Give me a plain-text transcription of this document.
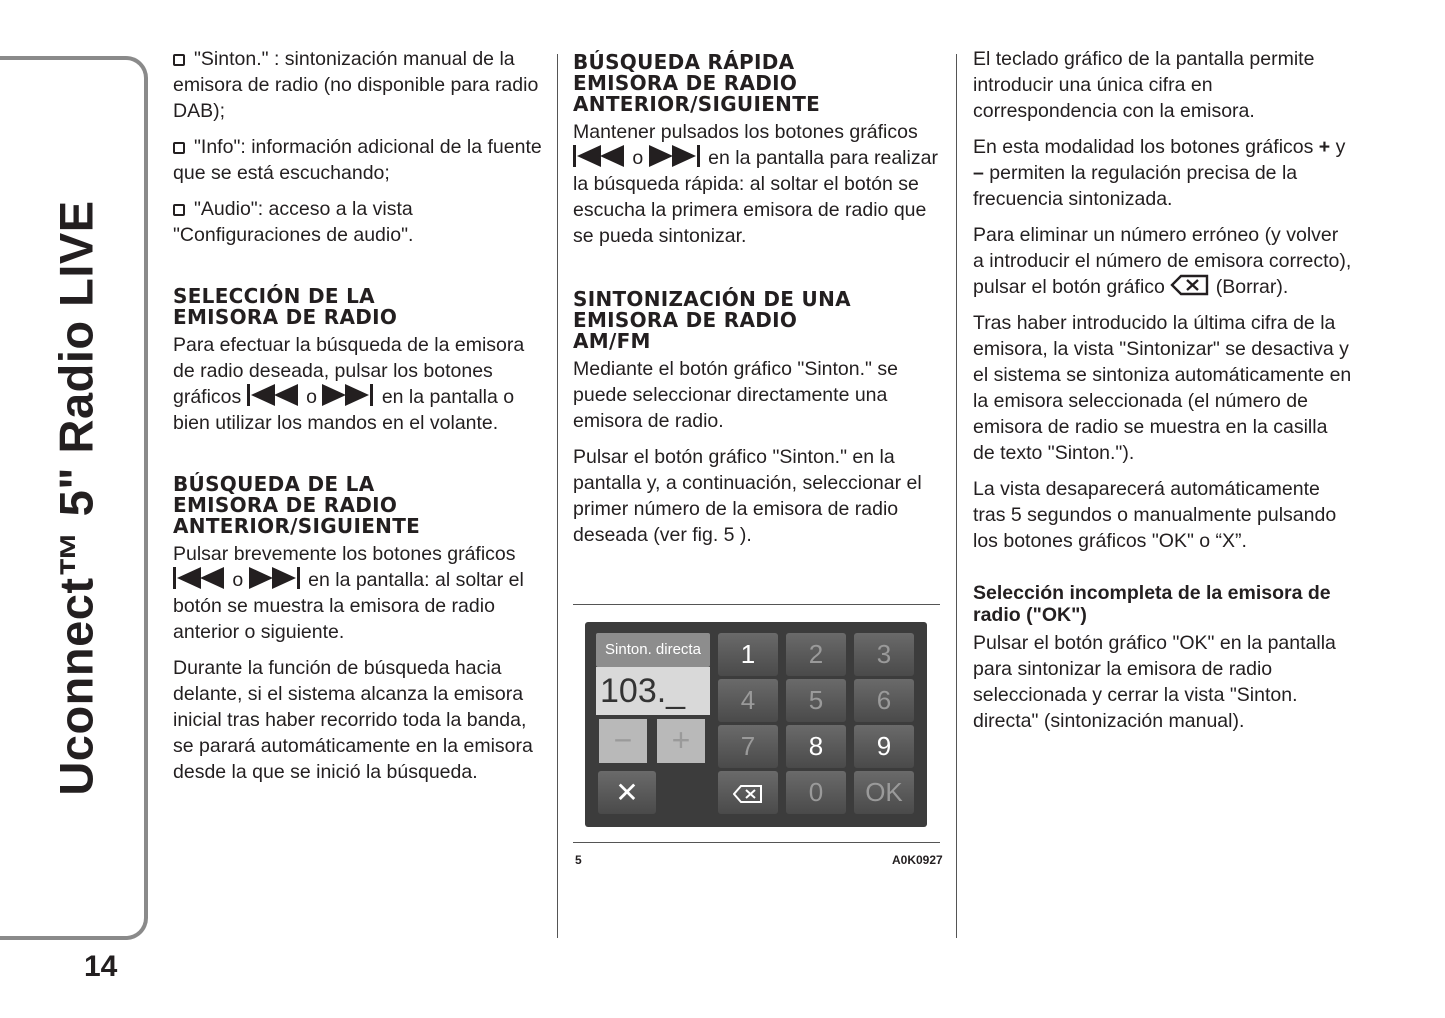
Uconnect™ 5" Radio LIVE
14

"Sinton." : sintonización manual de la emisora de radio (no disponible para radio DAB);

"Info": información adicional de la fuente que se está escuchando;

"Audio": acceso a la vista "Configuraciones de audio".

SELECCIÓN DE LA
EMISORA DE RADIO

Para efectuar la búsqueda de la emisora de radio deseada, pulsar los botones gráficos	o	en la pantalla o bien utilizar los mandos en el volante.

BÚSQUEDA DE LA
EMISORA DE RADIO
ANTERIOR/SIGUIENTE

Pulsar brevemente los botones gráficos  o	en la pantalla: al soltar el botón se muestra la emisora de radio anterior o siguiente.

Durante la función de búsqueda hacia delante, si el sistema alcanza la emisora inicial tras haber recorrido toda la banda, se parará automáticamente en la emisora desde la que se inició la búsqueda.

BÚSQUEDA RÁPIDA
EMISORA DE RADIO
ANTERIOR/SIGUIENTE

Mantener pulsados los botones gráficos  o	en la pantalla para realizar la búsqueda rápida: al soltar el botón se escucha la primera emisora de radio que se pueda sintonizar.

SINTONIZACIÓN DE UNA
EMISORA DE RADIO
AM/FM

Mediante el botón gráfico "Sinton." se puede seleccionar directamente una emisora de radio.

Pulsar el botón gráfico "Sinton." en la pantalla y, a continuación, seleccionar el primer número de la emisora de radio deseada (ver fig. 5 ).

Sinton. directa
103._
−	+
✕
1	2	3
4	5	6
7	8	9
0	OK
5	A0K0927

El teclado gráfico de la pantalla permite introducir una única cifra en correspondencia con la emisora.

En esta modalidad los botones gráficos + y – permiten la regulación precisa de la frecuencia sintonizada.

Para eliminar un número erróneo (y volver a introducir el número de emisora correcto), pulsar el botón gráfico	(Borrar).

Tras haber introducido la última cifra de la emisora, la vista "Sintonizar" se desactiva y el sistema se sintoniza automáticamente en la emisora seleccionada (el número de emisora de radio se muestra en la casilla de texto "Sinton.").

La vista desaparecerá automáticamente tras 5 segundos o manualmente pulsando los botones gráficos "OK" o “X”.

Selección incompleta de la emisora de radio ("OK")

Pulsar el botón gráfico "OK" en la pantalla para sintonizar la emisora de radio seleccionada y cerrar la vista "Sinton. directa" (sintonización manual).
